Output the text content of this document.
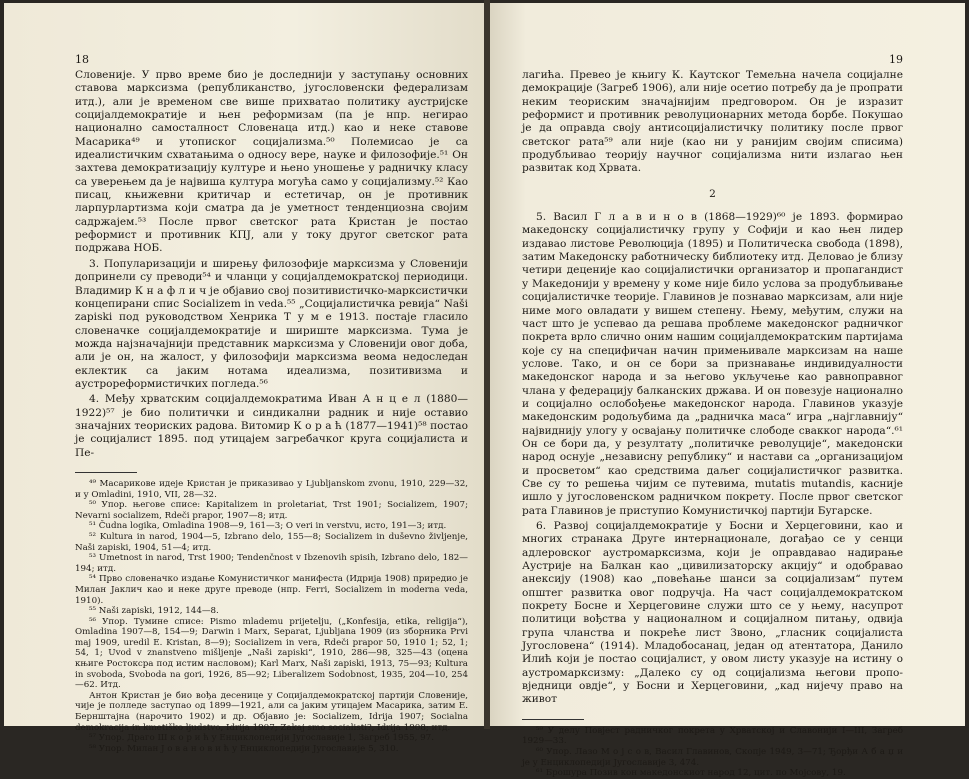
18

Словеније. У прво време био је доследнији у заступању основних ставова марксизма (републиканство, југословенски федерализам итд.), али је временом све више прихватао политику аустријске социјалдемократије и њен реформизам (па је нпр. негирао национално самосталност Словенаца итд.) као и неке ставове Масарика⁴⁹ и утописког социјализма.⁵⁰ Полемисао је са идеалистичким схватањима о односу вере, науке и филозофије.⁵¹ Он захтева демократизацију културе и њено уношење у радничку класу са уверењем да је највиша култура могућа само у социјализму.⁵² Као писац, књижевни критичар и естетичар, он је противник ларпурлартизма који сматра да је уметност тенденциозна својим садржајем.⁵³ После првог светског рата Кристан је постао реформист и противник КПЈ, али у току другог светског рата подржава НОБ.

3. Популаризацији и ширењу филозофије марксизма у Словенији допринели су преводи⁵⁴ и чланци у социјалдемократској периодици. Владимир К н а ф л и ч је објавио свој позитивистичко-марксистички концепирани спис Socializem in veda.⁵⁵ „Социјалистичка ревија“ Naši zapiski под руководством Хенрика Т у м е 1913. постаје гласило словеначке социјалдемократије и шириште марксизма. Тума је можда најзначајнији представник марксизма у Словенији овог доба, али је он, на жалост, у филозофији марксизма веома недоследан еклектик са јаким нотама идеализма, позитивизма и аустрореформистичких погледа.⁵⁶

4. Међу хрватским социјалдемократима Иван А н ц е л (1880—1922)⁵⁷ је био политички и синдикални радник и није оставио значајних теориских радова. Витомир К о р а ћ (1877—1941)⁵⁸ постао је социјалист 1895. под утицајем загребачког круга социјалиста и Пе-

⁴⁹ Масарикове идеје Кристан је приказивао у Ljubljanskom zvonu, 1910, 229—32, и у Omladini, 1910, VII, 28—32.

⁵⁰ Упор. његове списе: Kapitalizem in proletariat, Trst 1901; Socializem, 1907; Nevarni socializem, Rdeči prapor, 1907—8; итд.

⁵¹ Čudna logika, Omladina 1908—9, 161—3; O veri in verstvu, исто, 191—3; итд.

⁵² Kultura in narod, 1904—5, Izbrano delo, 155—8; Socializem in duševno življenje, Naši zapiski, 1904, 51—4; итд.

⁵³ Umetnost in narod, Trst 1900; Tendenčnost v Ibzenovih spisih, Izbrano delo, 182—194; итд.

⁵⁴ Прво словеначко издање Комунистичког манифеста (Идрија 1908) приредио је Милан Јаклич као и неке друге преводе (нпр. Ferri, Socializem in moderna veda, 1910).

⁵⁵ Naši zapiski, 1912, 144—8.

⁵⁶ Упор. Тумине списе: Pismo mlademu prijetelju, („Konfesija, etika, religija“), Omladina 1907—8, 154—9; Darwin i Marx, Separat, Ljubljana 1909 (из зборника Prvi maj 1909, uredil E. Kristan, 8—9); Socializem in vera, Rdeči prapor 50, 1910 1; 52, 1; 54, 1; Uvod v znanstveno mišljenje „Naši zapiski“, 1910, 286—98, 325—43 (оцена књиге Ростоксра под истим насловом); Karl Marx, Naši zapiski, 1913, 75—93; Kultura in svoboda, Svoboda na gori, 1926, 85—92; Liberalizem Sodobnost, 1935, 204—10, 254—62. Итд.

Антон Кристан је био вођа десенице у Социјалдемократској партији Словеније, чије је полледе заступао од 1899—1921, али са јаким утицајем Масарика, затим Е. Бернштајна (нарочито 1902) и др. Објавио је: Socializem, Idrija 1907; Socialna demokracija in kmetiško ljudstvo, Idrija 1907; Zakaj smo socialisti?, Idrija 1908; итд.

⁵⁷ Упор. Драго Ш к о р и ћ у Енциклопедији Југославије 1, Загреб 1955, 97.

⁵⁸ Упор. Милан Ј о в а н о в и ћ у Енциклопедији Југославије 5, 310.

19

лагића. Превео је књигу К. Каутског Темељна начела социјалне демокрације (Загреб 1906), али није осетио потребу да је пропрати неким теориским значајнијим предговором. Он је изразит реформист и противник револуционарних метода борбе. Покушао је да оправда своју антисоцијалистичку политику после првог светског рата⁵⁹ али није (као ни у ранијим својим списима) продубљивао теорију научног социјализма нити излагао њен развитак код Хрвата.

2

5. Васил Г л а в и н о в (1868—1929)⁶⁰ је 1893. формирао македонску социјалистичку групу у Софији и као њен лидер издавао листове Революција (1895) и Политическа свобода (1898), затим Македонску работническу библиотеку итд. Деловао је близу четири деценије као социјалистички организатор и пропагандист у Македонији у времену у коме није било услова за продубљивање социјалистичке теорије. Главинов је познавао марксизам, али није ниме мого овладати у вишем степену. Њему, међутим, служи на част што је успевао да решава проблеме македонског радничког покрета врло слично оним нашим социјалдемократским партијама које су на специфичан начин примењивале марксизам на наше услове. Тако, и он се бори за признавање индивидуалности македонског народа и за његово укључење као равноправног члана у федерацију балканских држава. И он повезује национално и социјално ослобођење македонског народа. Главинов указује македонским родољубима да „радничка маса“ игра „најглавнију“ највиднију улогу у освајању политичке слободе свакког народа“.⁶¹ Он се бори да, у резултату „политичке револуције“, македонски народ оснује „независну републику“ и настави са „организацијом и просветом“ као средствима даљег социјалистичког развитка. Све су то решења чијим се путевима, mutatis mutandis, касније ишло у југословенском радничком покрету. После првог светског рата Главинов је приступио Комунистичкој партији Бугарске.

6. Развој социјалдемократије у Босни и Херцеговини, као и многих странака Друге интернационале, догађао се у сенци адлеровског аустромарксизма, који је оправдавао надирање Аустрије на Балкан као „цивилизаторску акцију“ и одобравао анексију (1908) као „повећање шанси за социјализам“ путем општег развитка овог подручја. На част социјалдемократском покрету Босне и Херцеговине служи што се у њему, насупрот политици вођства у националном и социјалном питању, одвија група чланства и покреће лист Звоно, „гласник социјалиста Југословена“ (1914). Младобосанац, један од атентатора, Данило Илић који је постао социјалист, у овом листу указује на истину о аустромарксизму: „Далеко су од социјализма његови пропо-вједници овдје“, у Босни и Херцеговини, „кад нијечу право на живот

⁵⁹ У делу Повјест радничког покрета у Хрватској и Славонији I—III, Загреб 1929—33.

⁶⁰ Упор. Лазо М о ј с о в, Васил Главинов, Скопје 1949, 3—71; Ђорђи А б а џ и је у Енциклопедији Југославије 3, 474.

⁶¹ Брошура Позив кон македонскиот народ 12, цит. по Мојсову, 19.
